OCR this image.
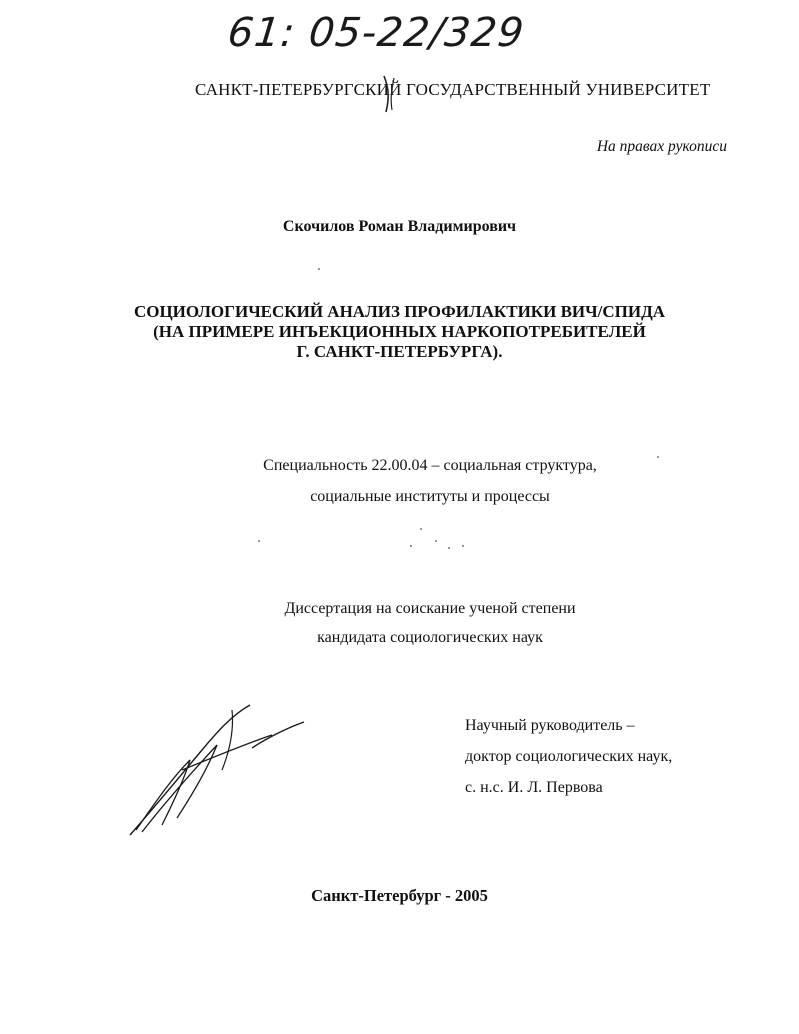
61: 05-22/329
САНКТ-ПЕТЕРБУРГСКИЙ ГОСУДАРСТВЕННЫЙ УНИВЕРСИТЕТ
На правах рукописи
Скочилов Роман Владимирович
СОЦИОЛОГИЧЕСКИЙ АНАЛИЗ ПРОФИЛАКТИКИ ВИЧ/СПИДА
(НА ПРИМЕРЕ ИНЪЕКЦИОННЫХ НАРКОПОТРЕБИТЕЛЕЙ
Г. САНКТ-ПЕТЕРБУРГА).
Специальность 22.00.04 – социальная структура,
социальные институты и процессы
Диссертация на соискание ученой степени
кандидата социологических наук
Научный руководитель –
доктор социологических наук,
с. н.с. И. Л. Первова
Санкт-Петербург - 2005
